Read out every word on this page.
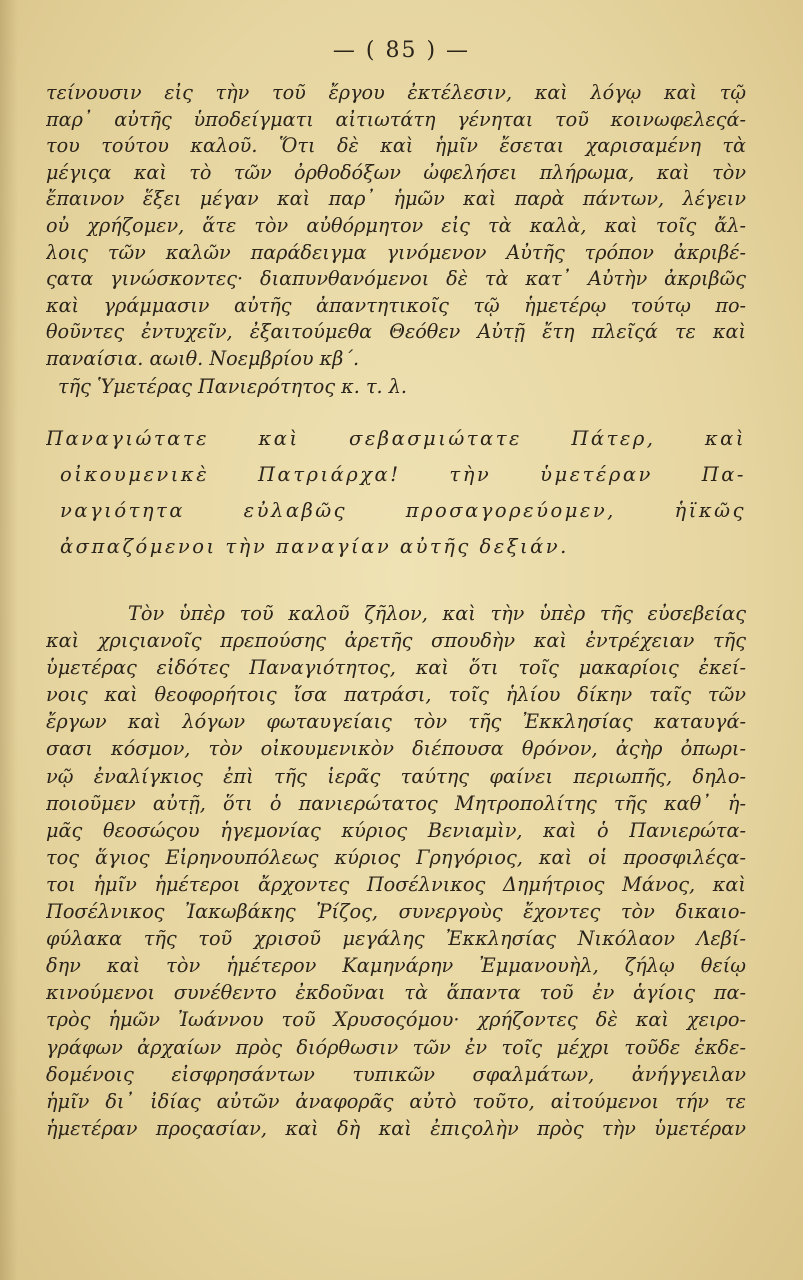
— ( 85 ) —
τείνουσιν εἰς τὴν τοῦ ἔργου ἐκτέλεσιν, καὶ λόγῳ καὶ τῷ
παρ᾽ αὐτῆς ὑποδείγματι αἰτιωτάτη γένηται τοῦ κοινωφελεςά-
του τούτου καλοῦ. Ὅτι δὲ καὶ ἡμῖν ἔσεται χαρισαμένη τὰ
μέγιςα καὶ τὸ τῶν ὀρθοδόξων ὠφελήσει πλήρωμα, καὶ τὸν
ἔπαινον ἕξει μέγαν καὶ παρ᾽ ἡμῶν καὶ παρὰ πάντων, λέγειν
οὐ χρήζομεν, ἅτε τὸν αὐθόρμητον εἰς τὰ καλὰ, καὶ τοῖς ἄλ-
λοις τῶν καλῶν παράδειγμα γινόμενον Αὐτῆς τρόπον ἀκριβέ-
ςατα γινώσκοντες· διαπυνθανόμενοι δὲ τὰ κατ᾽ Αὐτὴν ἀκριβῶς
καὶ γράμμασιν αὐτῆς ἀπαντητικοῖς τῷ ἡμετέρῳ τούτῳ πο-
θοῦντες ἐντυχεῖν, ἐξαιτούμεθα Θεόθεν Αὐτῇ ἔτη πλεῖςά τε καὶ
παναίσια. αωιθ. Νοεμβρίου κβ΄.
τῆς Ὑμετέρας Πανιερότητος κ. τ. λ.
Παναγιώτατε καὶ σεβασμιώτατε Πάτερ, καὶ
οἰκουμενικὲ Πατριάρχα! τὴν ὑμετέραν Πα-
ναγιότητα εὐλαβῶς προσαγορεύομεν, ἡϊκῶς
ἀσπαζόμενοι τὴν παναγίαν αὐτῆς δεξιάν.
Τὸν ὑπὲρ τοῦ καλοῦ ζῆλον, καὶ τὴν ὑπὲρ τῆς εὐσεβείας
καὶ χριςιανοῖς πρεπούσης ἀρετῆς σπουδὴν καὶ ἐντρέχειαν τῆς
ὑμετέρας εἰδότες Παναγιότητος, καὶ ὅτι τοῖς μακαρίοις ἐκεί-
νοις καὶ θεοφορήτοις ἴσα πατράσι, τοῖς ἡλίου δίκην ταῖς τῶν
ἔργων καὶ λόγων φωταυγείαις τὸν τῆς Ἐκκλησίας καταυγά-
σασι κόσμον, τὸν οἰκουμενικὸν διέπουσα θρόνον, ἀςὴρ ὀπωρι-
νῷ ἐναλίγκιος ἐπὶ τῆς ἱερᾶς ταύτης φαίνει περιωπῆς, δηλο-
ποιοῦμεν αὐτῇ, ὅτι ὁ πανιερώτατος Μητροπολίτης τῆς καθ᾽ ἡ-
μᾶς θεοσώςου ἡγεμονίας κύριος Βενιαμὶν, καὶ ὁ Πανιερώτα-
τος ἅγιος Εἰρηνουπόλεως κύριος Γρηγόριος, καὶ οἱ προσφιλέςα-
τοι ἡμῖν ἡμέτεροι ἄρχοντες Ποσέλνικος Δημήτριος Μάνος, καὶ
Ποσέλνικος Ἰακωβάκης Ῥίζος, συνεργοὺς ἔχοντες τὸν δικαιο-
φύλακα τῆς τοῦ χρισοῦ μεγάλης Ἐκκλησίας Νικόλαον Λεβί-
δην καὶ τὸν ἡμέτερον Καμηνάρην Ἐμμανουὴλ, ζήλῳ θείῳ
κινούμενοι συνέθεντο ἐκδοῦναι τὰ ἅπαντα τοῦ ἐν ἁγίοις πα-
τρὸς ἡμῶν Ἰωάννου τοῦ Χρυσοςόμου· χρήζοντες δὲ καὶ χειρο-
γράφων ἀρχαίων πρὸς διόρθωσιν τῶν ἐν τοῖς μέχρι τοῦδε ἐκδε-
δομένοις εἰσφρησάντων τυπικῶν σφαλμάτων, ἀνήγγειλαν
ἡμῖν δι᾽ ἰδίας αὐτῶν ἀναφορᾶς αὐτὸ τοῦτο, αἰτούμενοι τήν τε
ἡμετέραν προςασίαν, καὶ δὴ καὶ ἐπιςολὴν πρὸς τὴν ὑμετέραν
